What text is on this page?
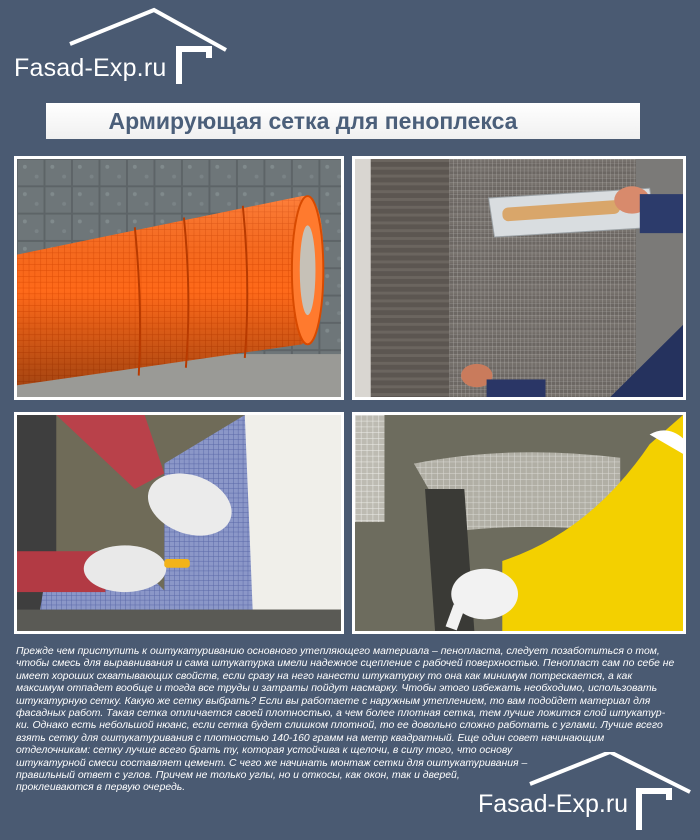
Fasad-Exp.ru
Армирующая сетка для пеноплекса
Прежде чем приступить к оштукатуриванию основного утепляющего материала – пенопласта, следует позаботиться о том,
чтобы смесь для выравнивания и сама штукатурка имели надежное сцепление с рабочей поверхностью. Пенопласт сам по себе не
имеет хороших схватывающих свойств, если сразу на него нанести штукатурку то она как минимум потрескается, а как
максимум отпадет вообще и тогда все труды и затраты пойдут насмарку. Чтобы этого избежать необходимо, использовать
штукатурную сетку. Какую же сетку выбрать? Если вы работаете с наружным утеплением, то вам подойдет материал для
фасадных работ. Такая сетка отличается своей плотностью, а чем более плотная сетка, тем лучше ложится слой штукатур-
ки. Однако есть небольшой нюанс, если сетка будет слишком плотной, то ее довольно сложно работать с углами. Лучше всего
взять сетку для оштукатуривания с плотностью 140-160 грамм на метр квадратный. Еще один совет начинающим
отделочникам: сетку лучше всего брать ту, которая устойчива к щелочи, в силу того, что основу
штукатурной смеси составляет цемент. С чего же начинать монтаж сетки для оштукатуривания –
правильный ответ с углов. Причем не только углы, но и откосы, как окон, так и дверей,
проклеиваются в первую очередь.
Fasad-Exp.ru
